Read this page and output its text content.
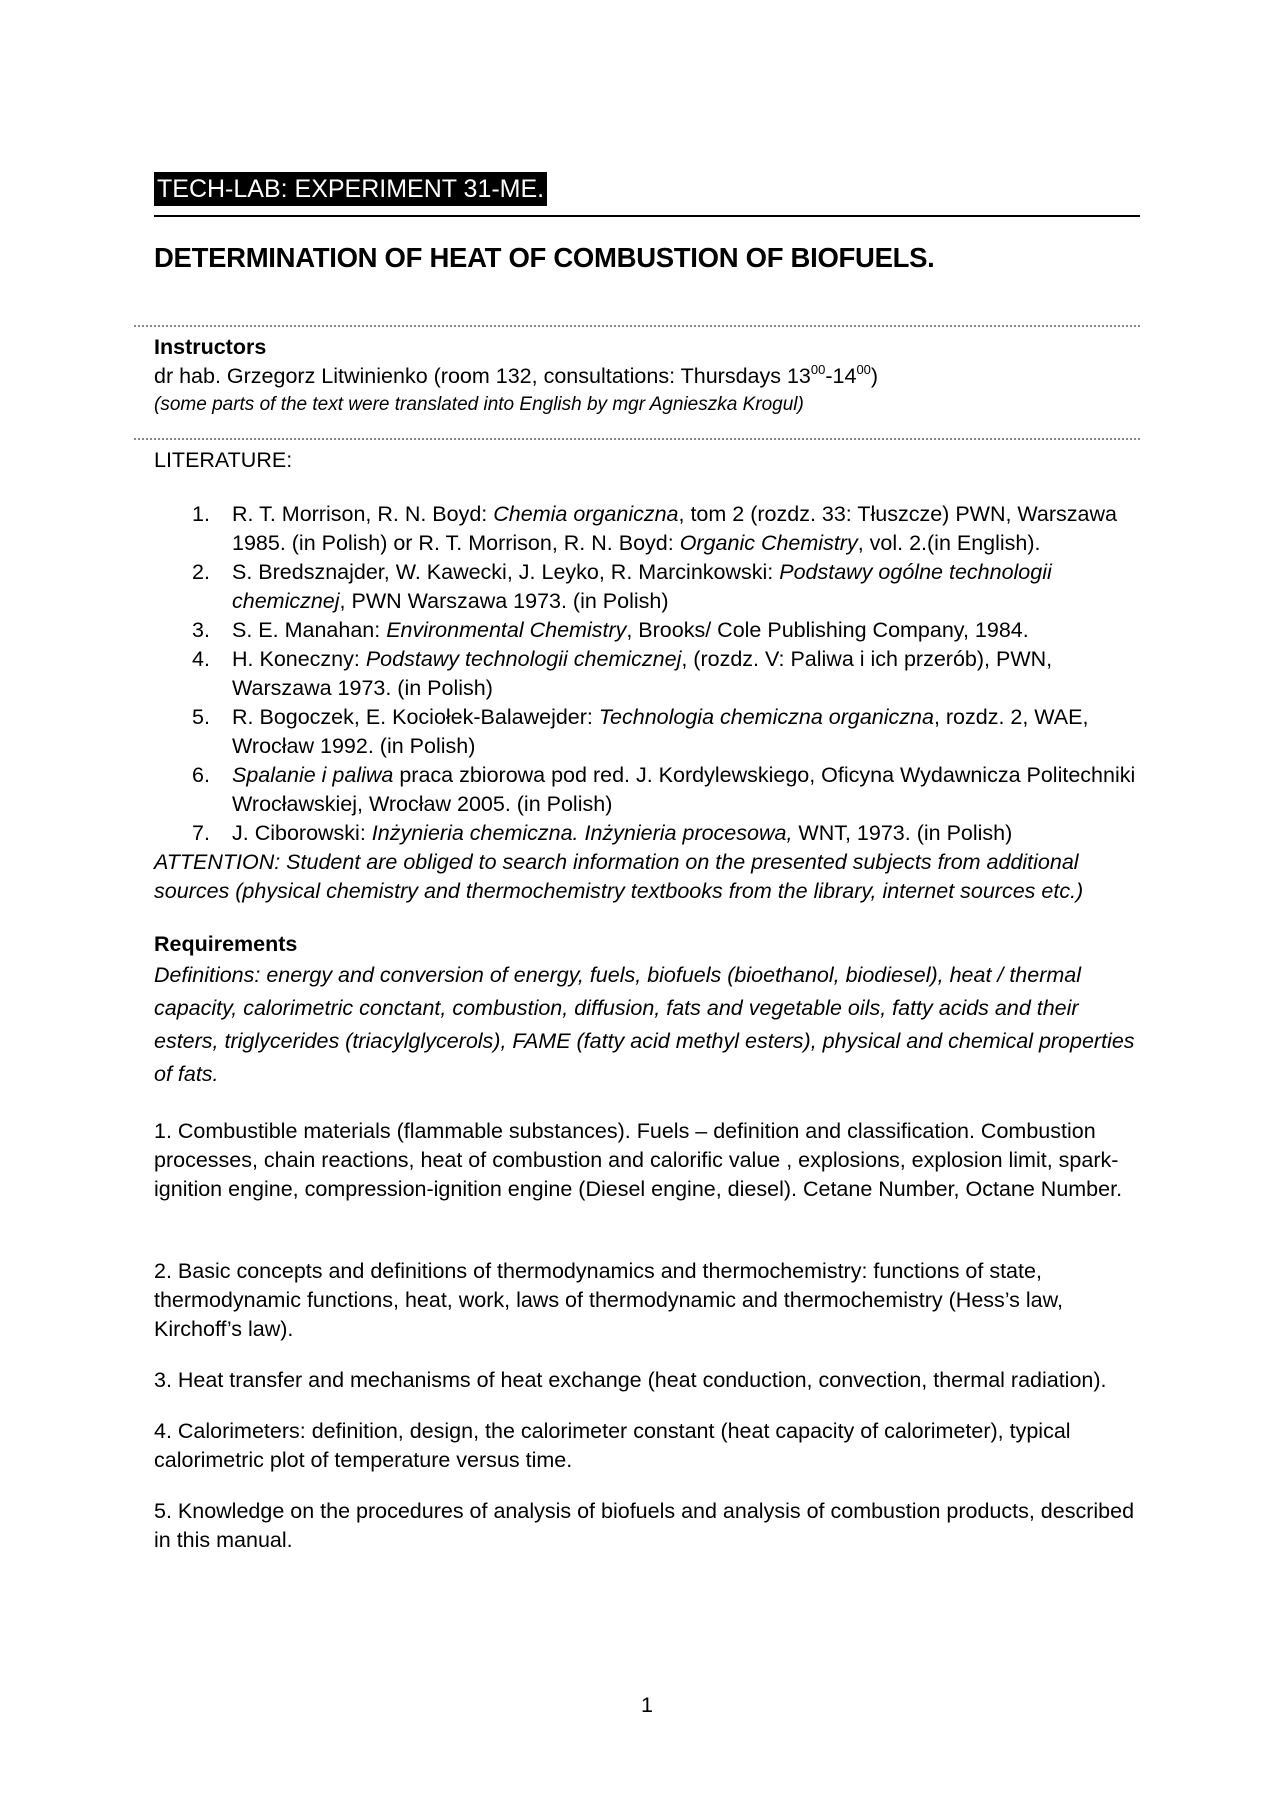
TECH-LAB: EXPERIMENT 31-ME.
DETERMINATION OF HEAT OF COMBUSTION OF BIOFUELS.
Instructors
dr hab. Grzegorz Litwinienko (room 132, consultations: Thursdays $13^{00}-14^{00}$)
(some parts of the text were translated into English by mgr Agnieszka Krogul)
LITERATURE:
1. R. T. Morrison, R. N. Boyd: Chemia organiczna, tom 2 (rozdz. 33: Tłuszcze) PWN, Warszawa 1985. (in Polish) or R. T. Morrison, R. N. Boyd: Organic Chemistry, vol. 2.(in English).
2. S. Bredsznajder, W. Kawecki, J. Leyko, R. Marcinkowski: Podstawy ogólne technologii chemicznej, PWN Warszawa 1973. (in Polish)
3. S. E. Manahan: Environmental Chemistry, Brooks/ Cole Publishing Company, 1984.
4. H. Koneczny: Podstawy technologii chemicznej, (rozdz. V: Paliwa i ich przerób), PWN, Warszawa 1973. (in Polish)
5. R. Bogoczek, E. Kociołek-Balawejder: Technologia chemiczna organiczna, rozdz. 2, WAE, Wrocław 1992. (in Polish)
6. Spalanie i paliwa praca zbiorowa pod red. J. Kordylewskiego, Oficyna Wydawnicza Politechniki Wrocławskiej, Wrocław 2005. (in Polish)
7. J. Ciborowski: Inżynieria chemiczna. Inżynieria procesowa, WNT, 1973. (in Polish)
ATTENTION: Student are obliged to search information on the presented subjects from additional sources (physical chemistry and thermochemistry textbooks from the library, internet sources etc.)
Requirements
Definitions: energy and conversion of energy, fuels, biofuels (bioethanol, biodiesel), heat / thermal capacity, calorimetric conctant, combustion, diffusion, fats and vegetable oils, fatty acids and their esters, triglycerides (triacylglycerols), FAME (fatty acid methyl esters), physical and chemical properties of fats.

1. Combustible materials (flammable substances). Fuels – definition and classification. Combustion processes, chain reactions, heat of combustion and calorific value , explosions, explosion limit, spark-ignition engine, compression-ignition engine (Diesel engine, diesel). Cetane Number, Octane Number.

2. Basic concepts and definitions of thermodynamics and thermochemistry: functions of state, thermodynamic functions, heat, work, laws of thermodynamic and thermochemistry (Hess’s law, Kirchoff’s law).

3. Heat transfer and mechanisms of heat exchange (heat conduction, convection, thermal radiation).

4. Calorimeters: definition, design, the calorimeter constant (heat capacity of calorimeter), typical calorimetric plot of temperature versus time.

5. Knowledge on the procedures of analysis of biofuels and analysis of combustion products, described in this manual.

1
